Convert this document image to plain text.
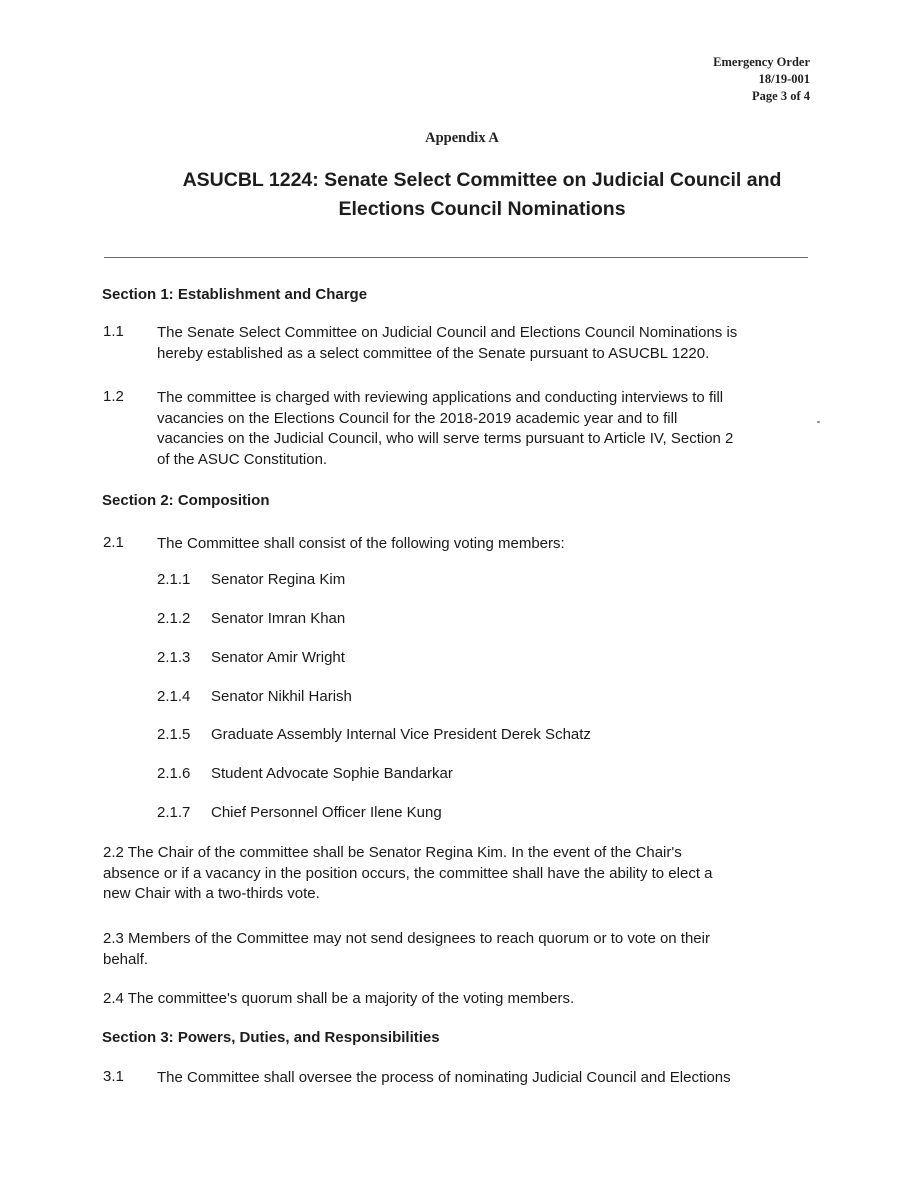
Emergency Order
18/19-001
Page 3 of 4
Appendix A
ASUCBL 1224: Senate Select Committee on Judicial Council and
Elections Council Nominations
Section 1: Establishment and Charge
1.1 The Senate Select Committee on Judicial Council and Elections Council Nominations is
hereby established as a select committee of the Senate pursuant to ASUCBL 1220.
1.2 The committee is charged with reviewing applications and conducting interviews to fill
vacancies on the Elections Council for the 2018-2019 academic year and to fill
vacancies on the Judicial Council, who will serve terms pursuant to Article IV, Section 2
of the ASUC Constitution.
Section 2: Composition
2.1 The Committee shall consist of the following voting members:
2.1.1 Senator Regina Kim
2.1.2 Senator Imran Khan
2.1.3 Senator Amir Wright
2.1.4 Senator Nikhil Harish
2.1.5 Graduate Assembly Internal Vice President Derek Schatz
2.1.6 Student Advocate Sophie Bandarkar
2.1.7 Chief Personnel Officer Ilene Kung
2.2 The Chair of the committee shall be Senator Regina Kim. In the event of the Chair's
absence or if a vacancy in the position occurs, the committee shall have the ability to elect a
new Chair with a two-thirds vote.
2.3 Members of the Committee may not send designees to reach quorum or to vote on their
behalf.
2.4 The committee's quorum shall be a majority of the voting members.
Section 3: Powers, Duties, and Responsibilities
3.1 The Committee shall oversee the process of nominating Judicial Council and Elections
